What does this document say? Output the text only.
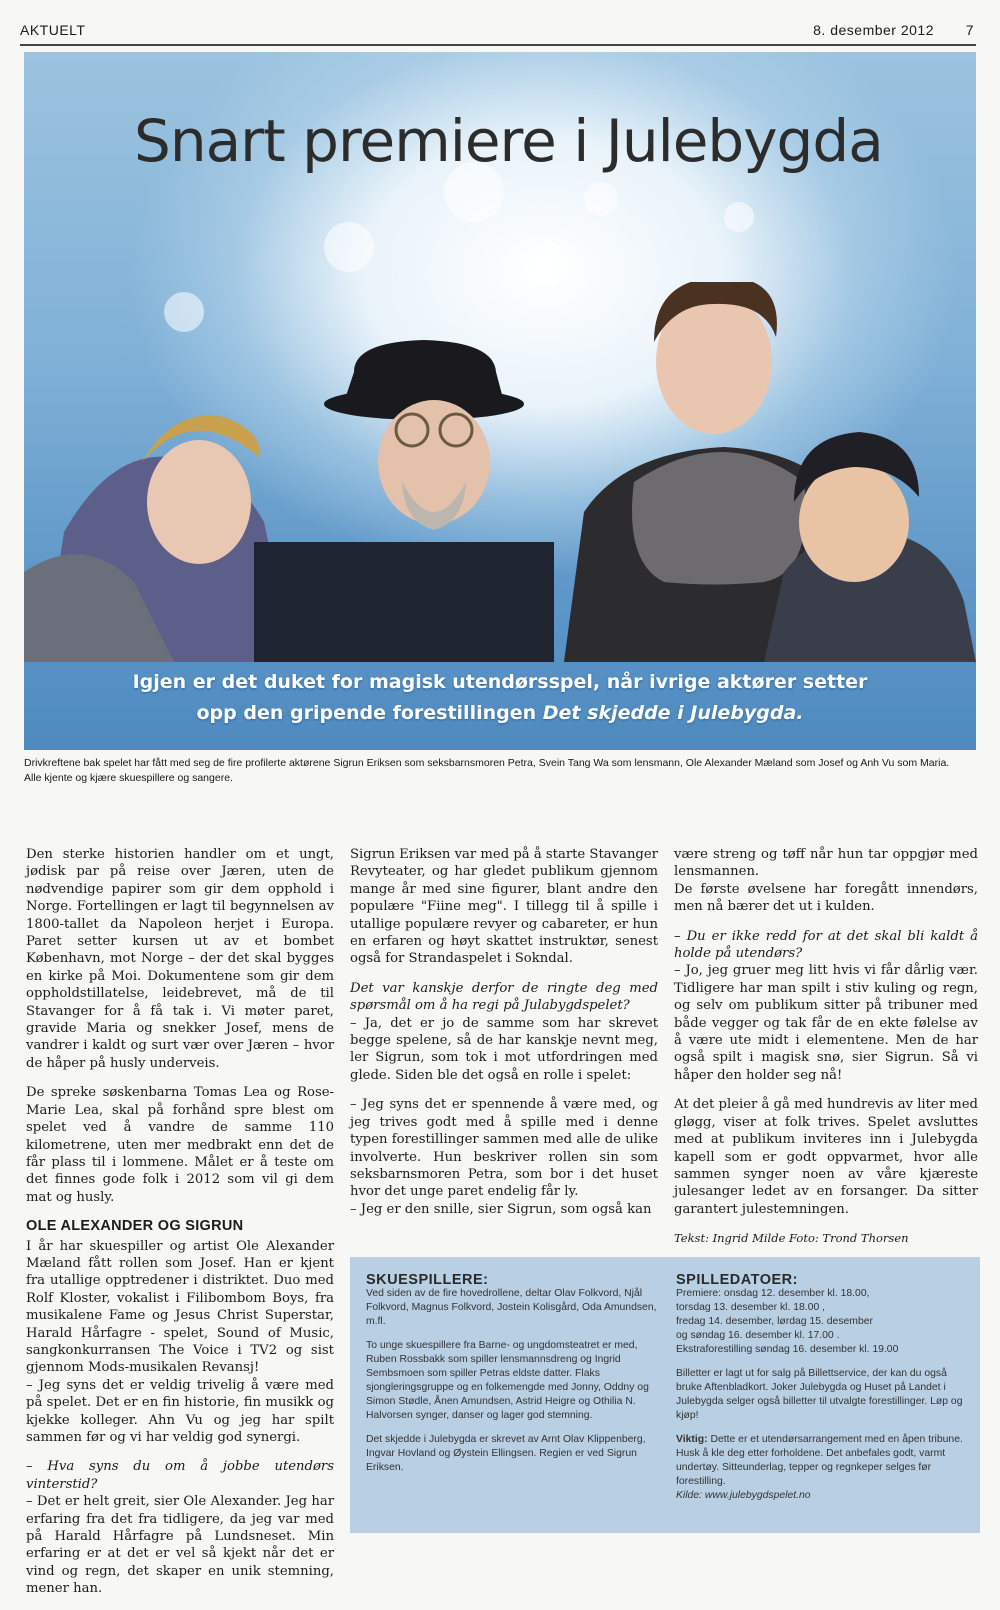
AKTUELT	8. desember 2012 7
Snart premiere i Julebygda

Igjen er det duket for magisk utendørsspel, når ivrige aktører setter
opp den gripende forestillingen Det skjedde i Julebygda.

Drivkreftene bak spelet har fått med seg de fire profilerte aktørene Sigrun Eriksen som seksbarnsmoren Petra, Svein Tang Wa som lensmann, Ole Alexander Mæland som Josef og Anh Vu som Maria. Alle kjente og kjære skuespillere og sangere.

Den sterke historien handler om et ungt, jødisk par på reise over Jæren, uten de nødvendige papirer som gir dem opphold i Norge. Fortellingen er lagt til begynnelsen av 1800-tallet da Napoleon herjet i Europa. Paret setter kursen ut av et bombet København, mot Norge – der det skal bygges en kirke på Moi. Dokumentene som gir dem oppholdstillatelse, leidebrevet, må de til Stavanger for å få tak i. Vi møter paret, gravide Maria og snekker Josef, mens de vandrer i kaldt og surt vær over Jæren – hvor de håper på husly underveis.

De spreke søskenbarna Tomas Lea og Rose-Marie Lea, skal på forhånd spre blest om spelet ved å vandre de samme 110 kilometrene, uten mer medbrakt enn det de får plass til i lommene. Målet er å teste om det finnes gode folk i 2012 som vil gi dem mat og husly.

OLE ALEXANDER OG SIGRUN

I år har skuespiller og artist Ole Alexander Mæland fått rollen som Josef. Han er kjent fra utallige opptredener i distriktet. Duo med Rolf Kloster, vokalist i Filibombom Boys, fra musikalene Fame og Jesus Christ Superstar, Harald Hårfagre - spelet, Sound of Music, sangkonkurransen The Voice i TV2 og sist gjennom Mods-musikalen Revansj!

– Jeg syns det er veldig trivelig å være med på spelet. Det er en fin historie, fin musikk og kjekke kolleger. Ahn Vu og jeg har spilt sammen før og vi har veldig god synergi.

– Hva syns du om å jobbe utendørs vinterstid?

– Det er helt greit, sier Ole Alexander. Jeg har erfaring fra det fra tidligere, da jeg var med på Harald Hårfagre på Lundsneset. Min erfaring er at det er vel så kjekt når det er vind og regn, det skaper en unik stemning, mener han.

Sigrun Eriksen var med på å starte Stavanger Revyteater, og har gledet publikum gjennom mange år med sine figurer, blant andre den populære "Fiine meg". I tillegg til å spille i utallige populære revyer og cabareter, er hun en erfaren og høyt skattet instruktør, senest også for Strandaspelet i Sokndal.

Det var kanskje derfor de ringte deg med spørsmål om å ha regi på Julabygdspelet?

– Ja, det er jo de samme som har skrevet begge spelene, så de har kanskje nevnt meg, ler Sigrun, som tok i mot utfordringen med glede. Siden ble det også en rolle i spelet:

– Jeg syns det er spennende å være med, og jeg trives godt med å spille med i denne typen forestillinger sammen med alle de ulike involverte. Hun beskriver rollen sin som seksbarnsmoren Petra, som bor i det huset hvor det unge paret endelig får ly.

– Jeg er den snille, sier Sigrun, som også kan

være streng og tøff når hun tar oppgjør med lensmannen.

De første øvelsene har foregått innendørs, men nå bærer det ut i kulden.

– Du er ikke redd for at det skal bli kaldt å holde på utendørs?

– Jo, jeg gruer meg litt hvis vi får dårlig vær. Tidligere har man spilt i stiv kuling og regn, og selv om publikum sitter på tribuner med både vegger og tak får de en ekte følelse av å være ute midt i elementene. Men de har også spilt i magisk snø, sier Sigrun. Så vi håper den holder seg nå!

At det pleier å gå med hundrevis av liter med gløgg, viser at folk trives. Spelet avsluttes med at publikum inviteres inn i Julebygda kapell som er godt oppvarmet, hvor alle sammen synger noen av våre kjæreste julesanger ledet av en forsanger. Da sitter garantert julestemningen.

Tekst: Ingrid Milde Foto: Trond Thorsen

SKUESPILLERE:

Ved siden av de fire hovedrollene, deltar Olav Folkvord, Njål Folkvord, Magnus Folkvord, Jostein Kolisgård, Oda Amundsen, m.fl.

To unge skuespillere fra Barne- og ungdomsteatret er med, Ruben Rossbakk som spiller lensmannsdreng og Ingrid Sembsmoen som spiller Petras eldste datter. Flaks sjongleringsgruppe og en folkemengde med Jonny, Oddny og Simon Stødle, Ånen Amundsen, Astrid Heigre og Othilia N. Halvorsen synger, danser og lager god stemning.

Det skjedde i Julebygda er skrevet av Arnt Olav Klippenberg, Ingvar Hovland og Øystein Ellingsen. Regien er ved Sigrun Eriksen.

SPILLEDATOER:

Premiere: onsdag 12. desember kl. 18.00,
torsdag 13. desember kl. 18.00 ,
fredag 14. desember, lørdag 15. desember
og søndag 16. desember kl. 17.00 .
Ekstraforestilling søndag 16. desember kl. 19.00

Billetter er lagt ut for salg på Billettservice, der kan du også bruke Aftenbladkort. Joker Julebygda og Huset på Landet i Julebygda selger også billetter til utvalgte forestillinger. Løp og kjøp!

Viktig: Dette er et utendørsarrangement med en åpen tribune. Husk å kle deg etter forholdene. Det anbefales godt, varmt undertøy. Sitteunderlag, tepper og regnkeper selges før forestilling.
Kilde: www.julebygdspelet.no
